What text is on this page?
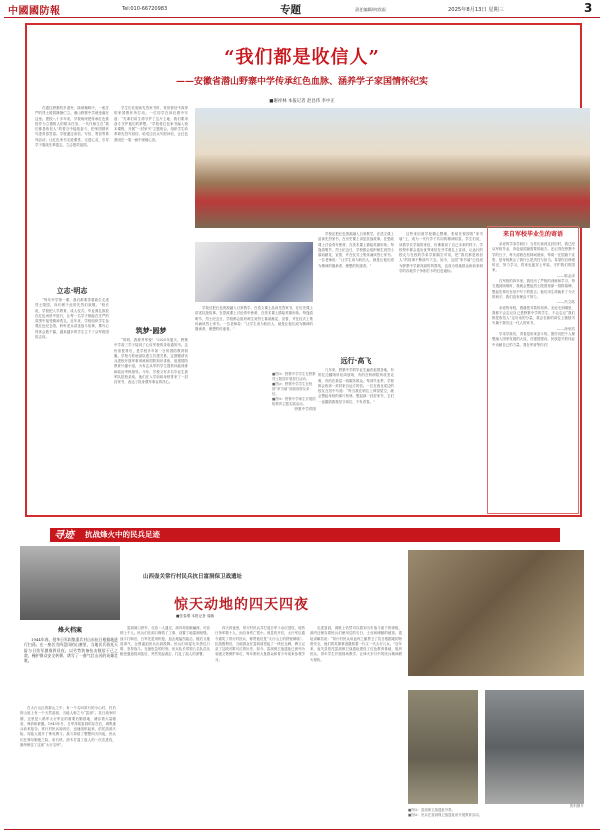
中國國防報	Tel:010-66720983	专题	责任编辑/何欣雨	2025年8月13日 星期三	3
“我们都是收信人”
——安徽省潜山野寨中学传承红色血脉、涵养学子家国情怀纪实
■谢祥林 本报记者 赵昌伟 李中正

在通往野寨的乡道旁，绿荫掩映中，一座庄严的烈士陵园静静伫立。潜山野寨中学就坐落在这里。建校八十多年来，学校始终把传承红色基因作为立德树人的根本任务，一代代师生在“我们都是收信人”的誓言中接续奋斗，把家国情怀写进青春答卷。学校通过读信、写信、寄信等系列活动，让红色家书走进课堂、走进心灵，引导学子赓续先辈遗志，立志报效祖国。

立志·明志

“每年开学第一课，我们都要带着新生走进烈士陵园，向长眠于此的先烈们致敬。”校长说，学校把入学教育、成人仪式、毕业典礼都放在红色场馆中进行，让每一名学子都能在庄严的氛围中接受精神洗礼。近年来，学校组织学生参观红色纪念馆，聆听老兵讲述战斗故事，撰写心得体会数千篇，越来越多的学生立下了从军报国的志向。

学生们在阅读先烈家书时，常常被信中真挚的家国情怀所打动。一位同学在读后感中写道：“先辈们用生命守护了这片土地，我们要用奋斗守护他们的梦想。”学校将红色家书编入校本课程，开展“一封家书”主题班会，组织学生给革命先烈写回信、给戍边官兵写慰问信，让红色基因在一笔一画中深植心田。

筑梦·圆梦

“妈妈，我要考军校！”2025年夏天，野寨中学高三学子接到了心仪军校的录取通知书。这份喜悦背后，是学校多年如一日的国防教育积累。学校与驻地部队建立共建关系，定期邀请官兵进校开展军事训练和国防知识讲座，组建国防教育兴趣小组，为有志从军的学生提供体能训练和政治考核指导。今年，学校又有多名毕业生被军队院校录取，他们在入学前给母校寄来了一封封家书，表达了投身强军事业的决心。

学校还把红色资源融入日常教学，在语文课上品读先烈家书，在历史课上讲述抗战故事，在思政课上讨论青年使命，在美术课上描绘英雄形象。每逢清明节、烈士纪念日，学校都会组织师生到烈士墓前献花、宣誓，并在仪式上集体诵读烈士家书。一位老师说：“让学生成为收信人，就是让他们成为精神的继承者、理想的传递者。”

远行·高飞

几年来，野寨中学的毕业生遍布祖国各地，有的在边疆哨所站岗放哨，有的在科研院所攻坚克难，有的在基层一线服务群众。每到毕业季，学校都会收到一封封来自远方的信。一位在西北戍边的校友在信中写道：“每当我在哨位上仰望星空，就会想起母校的那片松林，想起那一封封家书，它们一直激励着我坚守岗位、不负青春。”

学校还把红色资源融入日常教学，在语文课上品读先烈家书，在历史课上讲述抗战故事，在思政课上讨论青年使命，在美术课上描绘英雄形象。每逢清明节、烈士纪念日，学校都会组织师生到烈士墓前献花、宣誓，并在仪式上集体诵读烈士家书。一位老师说：“让学生成为收信人，就是让他们成为精神的继承者、理想的传递者。”

■图①：野寨中学学生在野寨烈士陵园开展祭扫活动。
■图②：野寨中学学生在校园“家书墙”前阅读校友来信。
■图③：野寨中学师生开展国防教育主题实践活动。
野寨中学供图

这些来信被学校精心整理，张贴在校园的“家书墙”上，成为一代代学子共同的精神财富。学生们说，读着学长学姐的来信，仿佛看到了自己未来的样子。学校每年都会选出优秀来信在开学典礼上宣读，让远行的校友与在校的学弟学妹隔空对话，把“我们都是收信人”的故事不断续写下去。如今，这面“家书墙”已经成为野寨中学最亮丽的风景线，也成为驻地群众和前来研学的各地学子争相打卡的红色地标。

来自军校毕业生的寄语

亲爱的学弟学妹们：当你们读到这封信时，我已经从军校毕业，奔赴祖国最需要的地方。还记得在野寨中学的日子，每天清晨在松林间晨读，每周一在国旗下宣誓，是母校教会了我什么是责任与担当。希望你们珍惜时光，努力学习，将来也能穿上军装，守护我们的国家。

——陈金泽

在军校的四年里，我经历了严格的训练和学习，每当遇到困难时，我就会想起烈士陵园里那一排排墓碑，想起先辈们在信中写下的誓言。他们用生命换来了今天的和平，我们没有理由不努力。

——冯文皓

亲爱的母校，感谢您对我的培养。无论走到哪里，我都不会忘记自己是野寨中学的学生，不会忘记“我们都是收信人”这句话的分量。我会在新的岗位上继续书写属于我们这一代人的家书。

——徐荣浩

学弟学妹们，青春是用来奋斗的。愿你们把个人理想融入国家发展的大局，在强国建设、民族复兴的伟业中贡献自己的力量。我在军营等你们！

寻迹 抗战烽火中的民兵足迹
烽火档案

1944年春，侵华日军纠集重兵对山东抗日根据地进行扫荡。在一座名为四盘冈的山寨里，当地民兵依托天险与日伪军激战四昼夜，以劣势装备抗击数倍于己之敌，掩护群众安全转移，谱写了一曲气壮山河的英雄壮歌。

山西壶关常行村民兵抗日富洞保卫战遗址
惊天动地的四天四夜
■张春增 本报记者 周鹏

在太行山区的群山之中，有一个名叫常行的小山村，村后的山崖上有一个天然溶洞，当地人称之为“富洞”。抗日战争时期，这里是八路军太行军区的重要后勤基地，储存着大量粮食、弹药和被服。1943年冬，日军得知富洞的存在后，调集重兵前来抢夺。常行村民兵闻讯后，迅速组织起来，依托溶洞天险，同敌人展开了殊死搏斗。战斗持续了整整四天四夜，民兵们在弹尽粮绝之际，用石块、滚木打退了敌人的一次次进攻，最终保住了这座“太行宝库”。

富洞洞口狭窄，仅容一人通过，洞内却宽敞幽深，可容纳上千人。民兵们在洞口修筑了工事，设置了地雷和暗堡。战斗打响后，日军先是用机枪、迫击炮猛烈轰击，随后又施放毒气，企图逼迫民兵出洞投降。民兵们用湿毛巾捂住口鼻，坚持战斗。在最危急的时刻，民兵队长带领几名队员从秘密通道绕到敌后，突然发起袭击，打乱了敌人的部署。

四天四夜里，常行村民兵共打退日军十余次进攻，毙伤日伪军数十人，而自身伤亡很小。消息传开后，太行军区通令嘉奖了常行村民兵，称赞他们是“太行山上的铁壁铜墙”。抗战胜利后，当地群众在富洞前竖起了一块纪念碑，碑文记录了这段可歌可泣的历史。如今，富洞保卫战遗址已被列为省级文物保护单位，每年都有大批群众和青少年前来参观学习。

走进富洞，洞壁上仍然可以看到当年战斗留下的弹痕，洞内还保存着民兵们使用过的石臼、土灶和储粮的地窖。遗址讲解员说：“常行村民兵用血肉之躯捍卫了抗日根据地的物资安全，他们的英雄事迹激励着一代又一代太行儿女。”近年来，壶关县依托富洞保卫战遗址建设了红色教育基地，组织民兵、青年学生开展现场教学，让烽火岁月中的民兵精神薪火相传。

■图①：富洞保卫战遗址外景。
■图②：民兵在富洞保卫战遗址前开展教育活动。
资料图片
